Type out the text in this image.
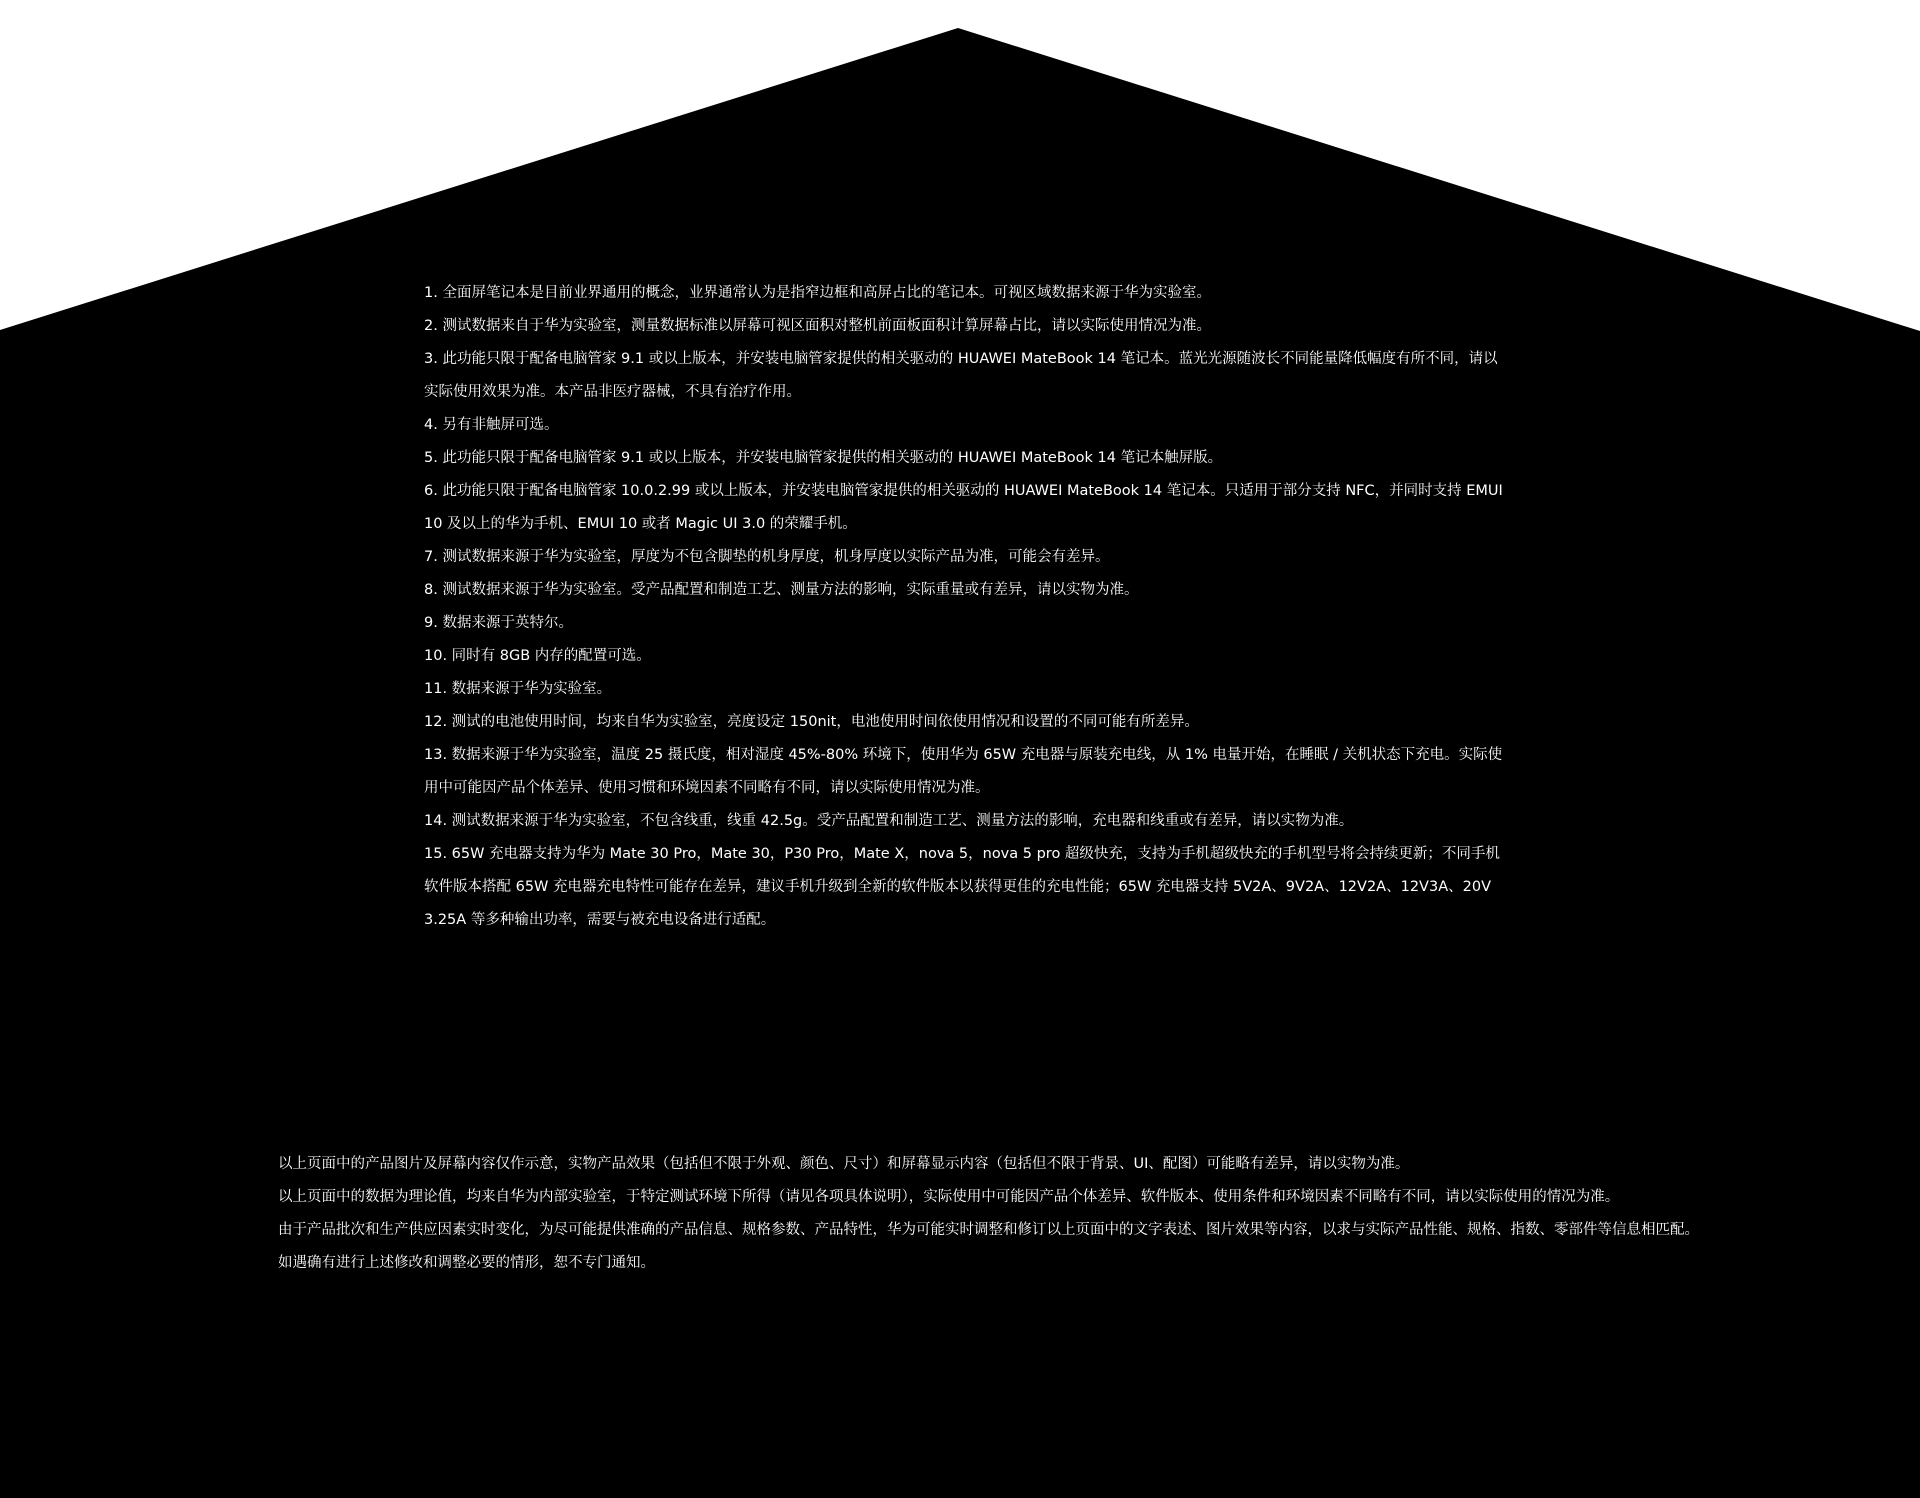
1. 全面屏笔记本是目前业界通用的概念，业界通常认为是指窄边框和高屏占比的笔记本。可视区域数据来源于华为实验室。
2. 测试数据来自于华为实验室，测量数据标准以屏幕可视区面积对整机前面板面积计算屏幕占比，请以实际使用情况为准。
3. 此功能只限于配备电脑管家 9.1 或以上版本，并安装电脑管家提供的相关驱动的 HUAWEI MateBook 14 笔记本。蓝光光源随波长不同能量降低幅度有所不同，请以实际使用效果为准。本产品非医疗器械，不具有治疗作用。
4. 另有非触屏可选。
5. 此功能只限于配备电脑管家 9.1 或以上版本，并安装电脑管家提供的相关驱动的 HUAWEI MateBook 14 笔记本触屏版。
6. 此功能只限于配备电脑管家 10.0.2.99 或以上版本，并安装电脑管家提供的相关驱动的 HUAWEI MateBook 14 笔记本。只适用于部分支持 NFC，并同时支持 EMUI 10 及以上的华为手机、EMUI 10 或者 Magic UI 3.0 的荣耀手机。
7. 测试数据来源于华为实验室，厚度为不包含脚垫的机身厚度，机身厚度以实际产品为准，可能会有差异。
8. 测试数据来源于华为实验室。受产品配置和制造工艺、测量方法的影响，实际重量或有差异，请以实物为准。
9. 数据来源于英特尔。
10. 同时有 8GB 内存的配置可选。
11. 数据来源于华为实验室。
12. 测试的电池使用时间，均来自华为实验室，亮度设定 150nit，电池使用时间依使用情况和设置的不同可能有所差异。
13. 数据来源于华为实验室，温度 25 摄氏度，相对湿度 45%-80% 环境下，使用华为 65W 充电器与原装充电线，从 1% 电量开始，在睡眠 / 关机状态下充电。实际使用中可能因产品个体差异、使用习惯和环境因素不同略有不同，请以实际使用情况为准。
14. 测试数据来源于华为实验室，不包含线重，线重 42.5g。受产品配置和制造工艺、测量方法的影响，充电器和线重或有差异，请以实物为准。
15. 65W 充电器支持为华为 Mate 30 Pro，Mate 30，P30 Pro，Mate X，nova 5，nova 5 pro 超级快充，支持为手机超级快充的手机型号将会持续更新；不同手机软件版本搭配 65W 充电器充电特性可能存在差异，建议手机升级到全新的软件版本以获得更佳的充电性能；65W 充电器支持 5V2A、9V2A、12V2A、12V3A、20V3.25A 等多种输出功率，需要与被充电设备进行适配。

以上页面中的产品图片及屏幕内容仅作示意，实物产品效果（包括但不限于外观、颜色、尺寸）和屏幕显示内容（包括但不限于背景、UI、配图）可能略有差异，请以实物为准。

以上页面中的数据为理论值，均来自华为内部实验室，于特定测试环境下所得（请见各项具体说明），实际使用中可能因产品个体差异、软件版本、使用条件和环境因素不同略有不同，请以实际使用的情况为准。

由于产品批次和生产供应因素实时变化，为尽可能提供准确的产品信息、规格参数、产品特性，华为可能实时调整和修订以上页面中的文字表述、图片效果等内容，以求与实际产品性能、规格、指数、零部件等信息相匹配。

如遇确有进行上述修改和调整必要的情形，恕不专门通知。
